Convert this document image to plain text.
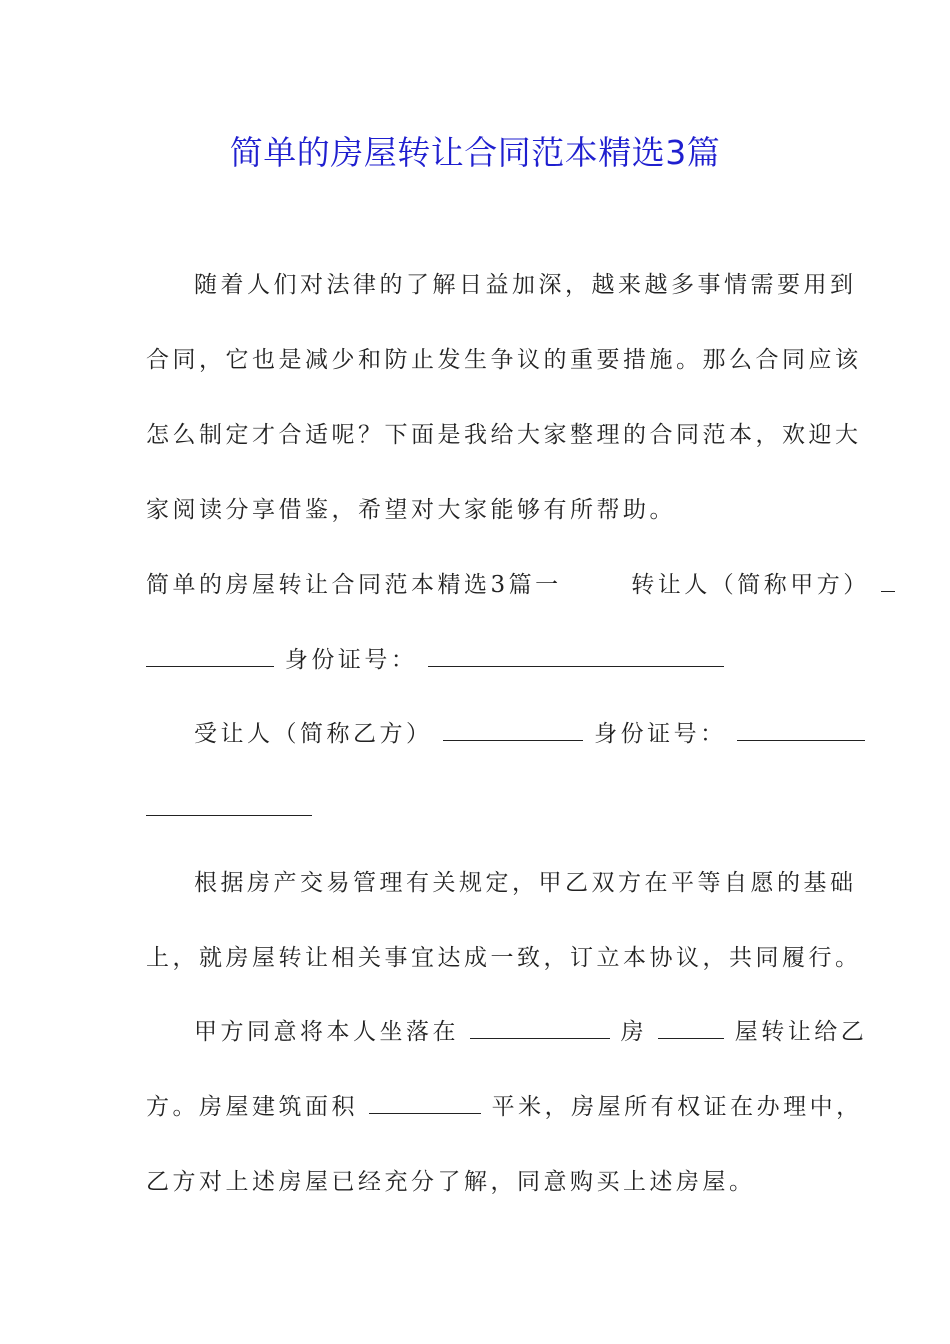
简单的房屋转让合同范本精选3篇
随着人们对法律的了解日益加深，越来越多事情需要用到
合同，它也是减少和防止发生争议的重要措施。那么合同应该
怎么制定才合适呢？下面是我给大家整理的合同范本，欢迎大
家阅读分享借鉴，希望对大家能够有所帮助。
简单的房屋转让合同范本精选3篇一	转让人（简称甲方）
身份证号：
受让人（简称乙方）	身份证号：
根据房产交易管理有关规定，甲乙双方在平等自愿的基础
上，就房屋转让相关事宜达成一致，订立本协议，共同履行。
甲方同意将本人坐落在	房	屋转让给乙
方。房屋建筑面积	平米，房屋所有权证在办理中，
乙方对上述房屋已经充分了解，同意购买上述房屋。
